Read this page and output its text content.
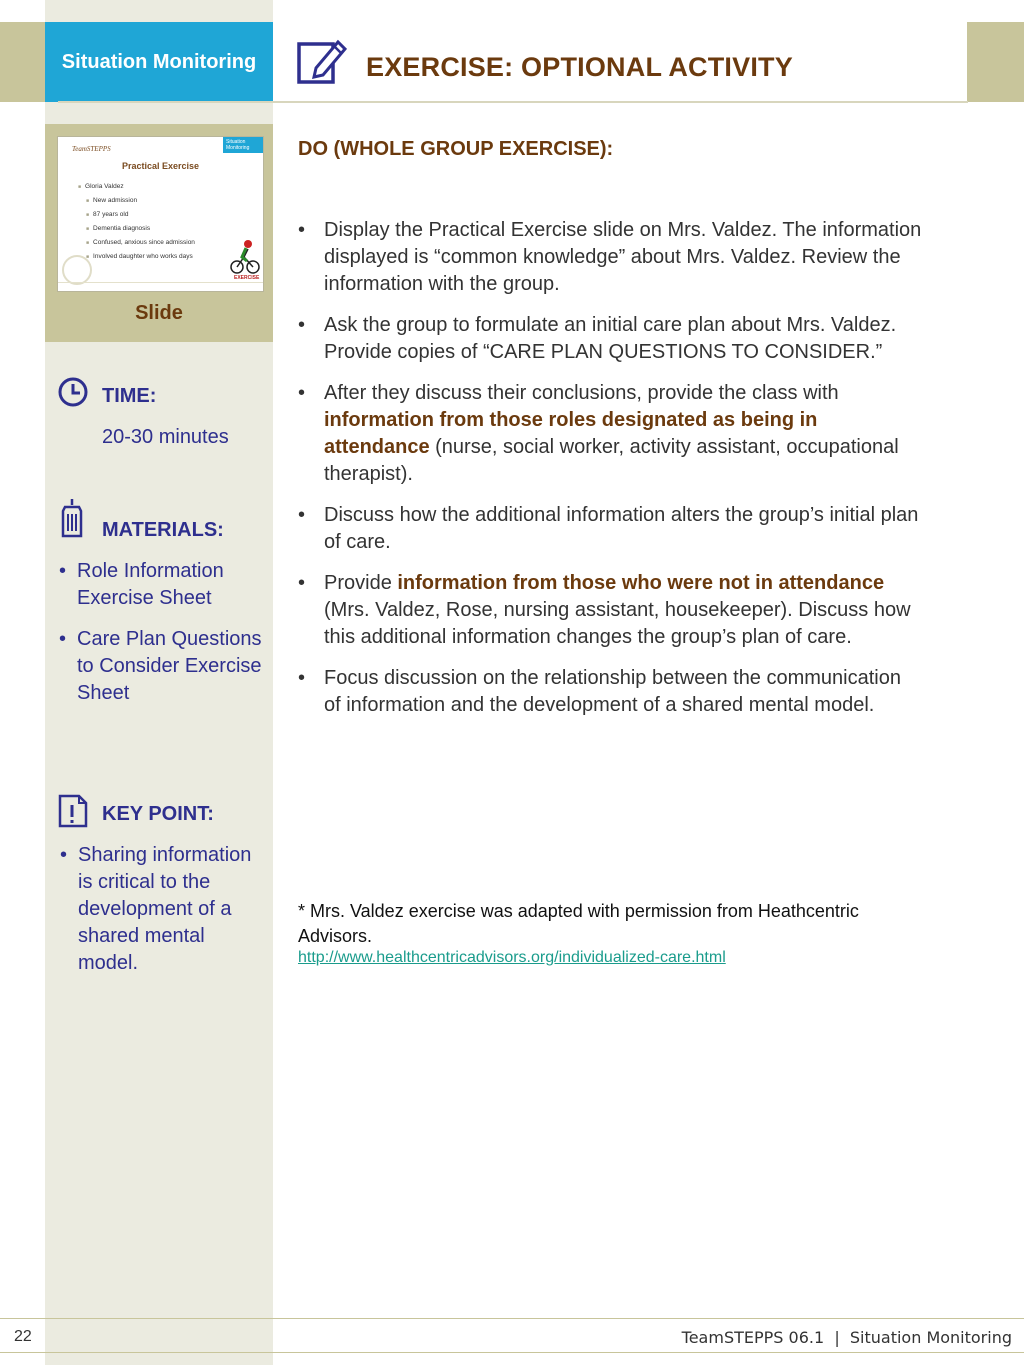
Situation Monitoring	EXERCISE: OPTIONAL ACTIVITY
TeamSTEPPS
Situation Monitoring
Practical Exercise
■ Gloria Valdez
■ New admission
■ 87 years old
■ Dementia diagnosis
■ Confused, anxious since admission
■ Involved daughter who works days
EXERCISE
Slide
TIME:
20-30 minutes
MATERIALS:
• Role Information Exercise Sheet
• Care Plan Questions to Consider Exercise Sheet
KEY POINT:
• Sharing information is critical to the development of a shared mental model.
DO (WHOLE GROUP EXERCISE):
• Display the Practical Exercise slide on Mrs. Valdez. The information displayed is “common knowledge” about Mrs. Valdez. Review the information with the group.
• Ask the group to formulate an initial care plan about Mrs. Valdez. Provide copies of “CARE PLAN QUESTIONS TO CONSIDER.”
• After they discuss their conclusions, provide the class with information from those roles designated as being in attendance (nurse, social worker, activity assistant, occupational therapist).
• Discuss how the additional information alters the group’s initial plan of care.
• Provide information from those who were not in attendance (Mrs. Valdez, Rose, nursing assistant, housekeeper). Discuss how this additional information changes the group’s plan of care.
• Focus discussion on the relationship between the communication of information and the development of a shared mental model.
* Mrs. Valdez exercise was adapted with permission from Heathcentric Advisors.
http://www.healthcentricadvisors.org/individualized-care.html
22	TeamSTEPPS 06.1  |  Situation Monitoring
